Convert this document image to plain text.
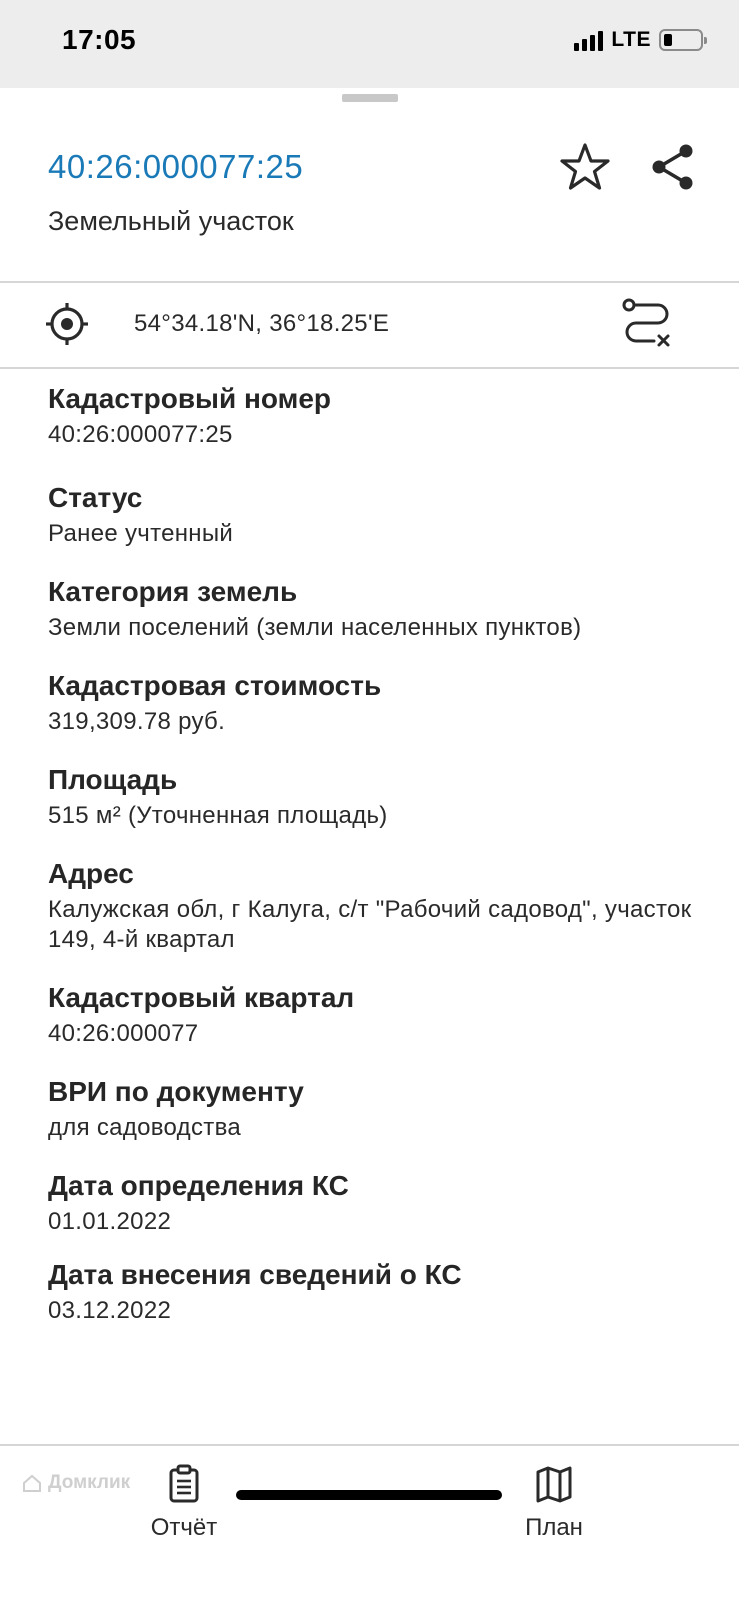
17:05	LTE
40:26:000077:25
Земельный участок
54°34.18'N, 36°18.25'E
Кадастровый номер
40:26:000077:25
Статус
Ранее учтенный
Категория земель
Земли поселений (земли населенных пунктов)
Кадастровая стоимость
319,309.78 руб.
Площадь
515 м² (Уточненная площадь)
Адрес
Калужская обл, г Калуга, с/т "Рабочий садовод", участок 149, 4-й квартал
Кадастровый квартал
40:26:000077
ВРИ по документу
для садоводства
Дата определения КС
01.01.2022
Дата внесения сведений о КС
03.12.2022
Отчёт	План
Домклик
